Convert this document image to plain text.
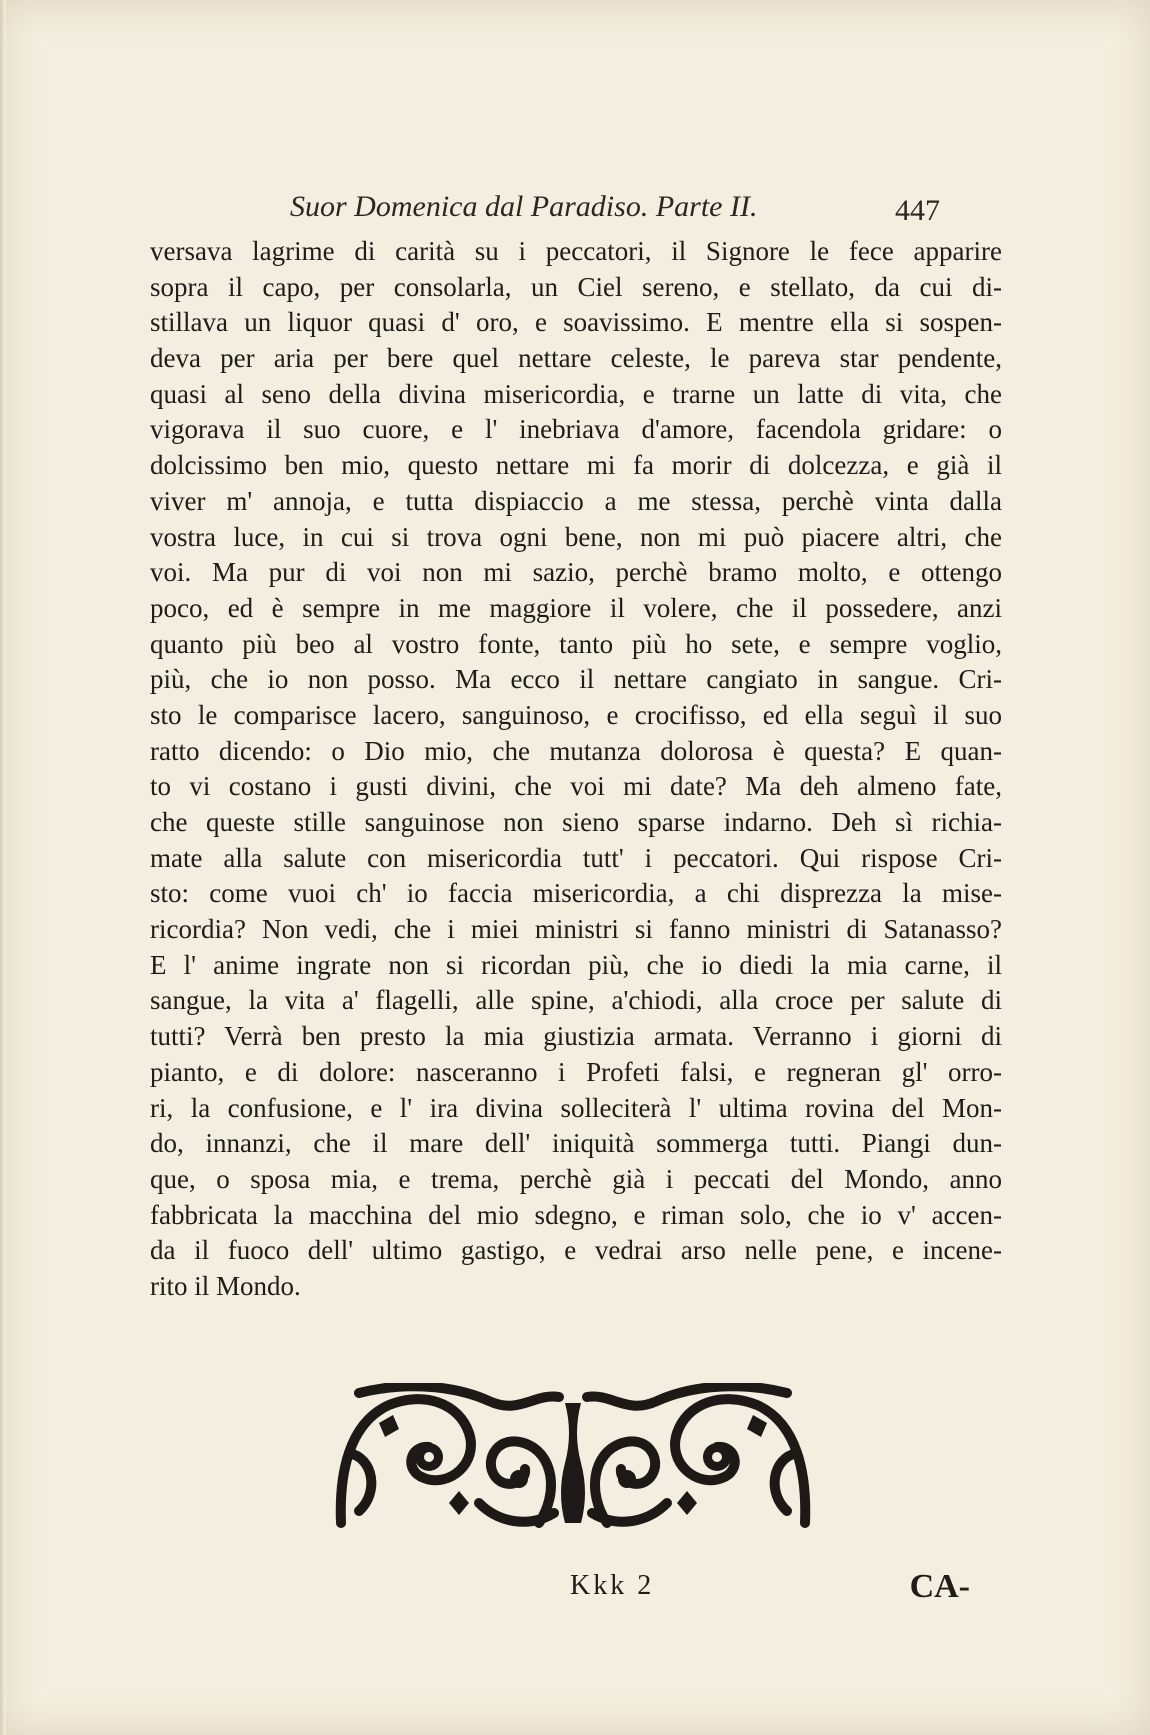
Suor Domenica dal Paradiso. Parte II.	447
versava lagrime di carità su i peccatori, il Signore le fece apparire
sopra il capo, per consolarla, un Ciel sereno, e stellato, da cui di-
stillava un liquor quasi d' oro, e soavissimo. E mentre ella si sospen-
deva per aria per bere quel nettare celeste, le pareva star pendente,
quasi al seno della divina misericordia, e trarne un latte di vita, che
vigorava il suo cuore, e l' inebriava d'amore, facendola gridare: o
dolcissimo ben mio, questo nettare mi fa morir di dolcezza, e già il
viver m' annoja, e tutta dispiaccio a me stessa, perchè vinta dalla
vostra luce, in cui si trova ogni bene, non mi può piacere altri, che
voi. Ma pur di voi non mi sazio, perchè bramo molto, e ottengo
poco, ed è sempre in me maggiore il volere, che il possedere, anzi
quanto più beo al vostro fonte, tanto più ho sete, e sempre voglio,
più, che io non posso. Ma ecco il nettare cangiato in sangue. Cri-
sto le comparisce lacero, sanguinoso, e crocifisso, ed ella seguì il suo
ratto dicendo: o Dio mio, che mutanza dolorosa è questa? E quan-
to vi costano i gusti divini, che voi mi date? Ma deh almeno fate,
che queste stille sanguinose non sieno sparse indarno. Deh sì richia-
mate alla salute con misericordia tutt' i peccatori. Qui rispose Cri-
sto: come vuoi ch' io faccia misericordia, a chi disprezza la mise-
ricordia? Non vedi, che i miei ministri si fanno ministri di Satanasso?
E l' anime ingrate non si ricordan più, che io diedi la mia carne, il
sangue, la vita a' flagelli, alle spine, a'chiodi, alla croce per salute di
tutti? Verrà ben presto la mia giustizia armata. Verranno i giorni di
pianto, e di dolore: nasceranno i Profeti falsi, e regneran gl' orro-
ri, la confusione, e l' ira divina solleciterà l' ultima rovina del Mon-
do, innanzi, che il mare dell' iniquità sommerga tutti. Piangi dun-
que, o sposa mia, e trema, perchè già i peccati del Mondo, anno
fabbricata la macchina del mio sdegno, e riman solo, che io v' accen-
da il fuoco dell' ultimo gastigo, e vedrai arso nelle pene, e incene-
rito il Mondo.
Kkk 2	CA-
